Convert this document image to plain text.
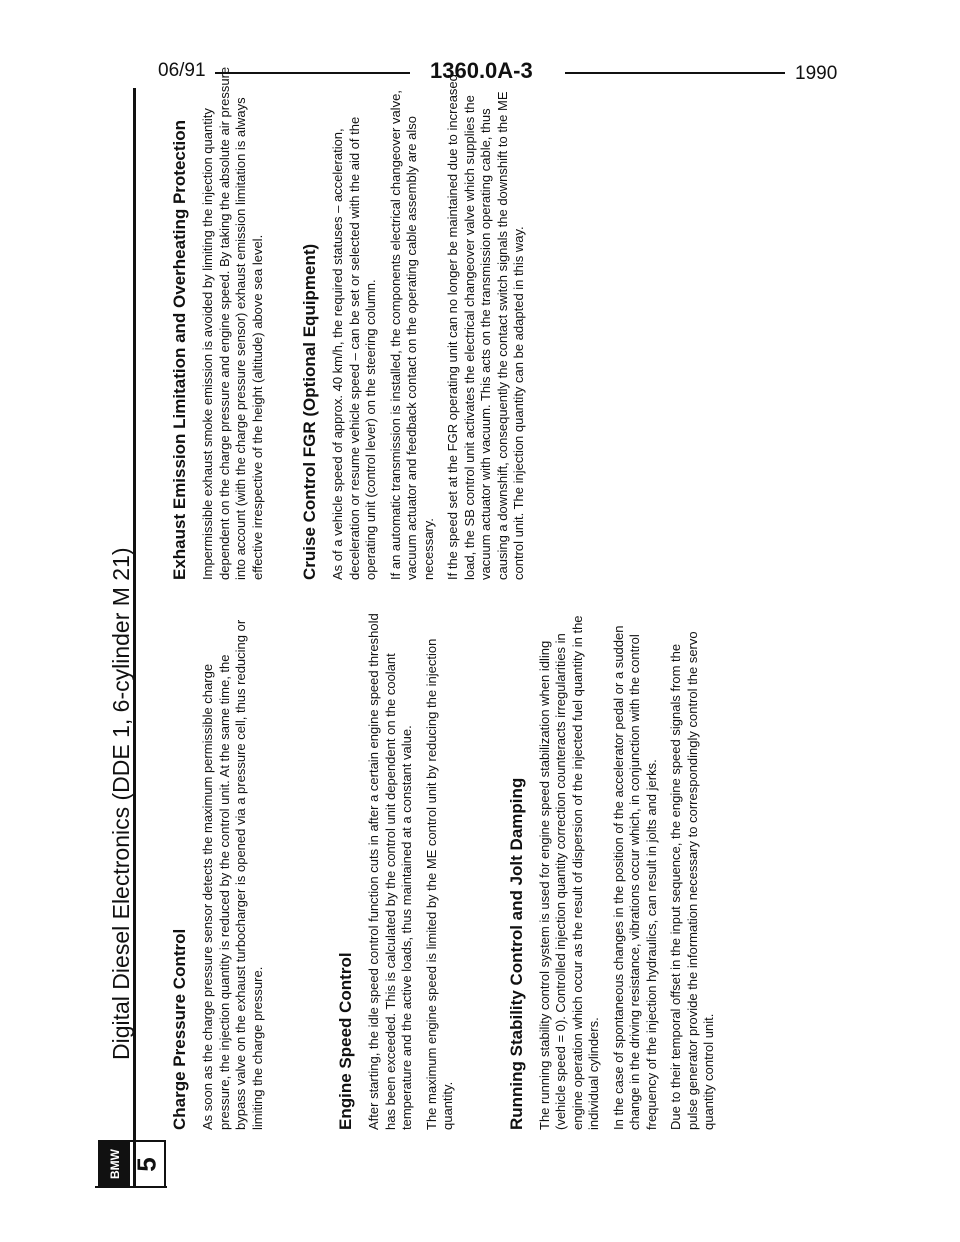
06/91	1360.0A-3	1990
BMW 5
Digital Diesel Electronics (DDE 1, 6-cylinder M 21) Charge Pressure Control As soon as the charge pressure sensor detects the maximum permissible charge pressure, the injection quantity is reduced by the control unit. At the same time, the bypass valve on the exhaust turbocharger is opened via a pressure cell, thus reducing or limiting the charge pressure.	Engine Speed Control After starting, the idle speed control function cuts in after a certain engine speed threshold has been exceeded. This is calculated by the control unit dependent on the coolant temperature and the active loads, thus maintained at a constant value. The maximum engine speed is limited by the ME control unit by reducing the injection quantity.	Running Stability Control and Jolt Damping The running stability control system is used for engine speed stabilization when idling (vehicle speed = 0). Controlled injection quantity correction counteracts irregularities in engine operation which occur as the result of dispersion of the injected fuel quantity in the individual cylinders. In the case of spontaneous changes in the position of the accelerator pedal or a sudden change in the driving resistance, vibrations occur which, in conjunction with the control frequency of the injection hydraulics, can result in jolts and jerks. Due to their temporal offset in the input sequence, the engine speed signals from the pulse generator provide the information necessary to correspondingly control the servo quantity control unit.

Exhaust Emission Limitation and Overheating Protection Impermissible exhaust smoke emission is avoided by limiting the injection quantity dependent on the charge pressure and engine speed. By taking the absolute air pressure into account (with the charge pressure sensor) exhaust emission limitation is always effective irrespective of the height (altitude) above sea level. Cruise Control FGR (Optional Equipment) As of a vehicle speed of approx. 40 km/h, the required statuses – acceleration, deceleration or resume vehicle speed – can be set or selected with the aid of the operating unit (control lever) on the steering column. If an automatic transmission is installed, the components electrical changeover valve, vacuum actuator and feedback contact on the operating cable assembly are also necessary. If the speed set at the FGR operating unit can no longer be maintained due to increased load, the SB control unit activates the electrical changeover valve which supplies the vacuum actuator with vacuum. This acts on the transmission operating cable, thus causing a downshift, consequently the contact switch signals the downshift to the ME control unit. The injection quantity can be adapted in this way.
